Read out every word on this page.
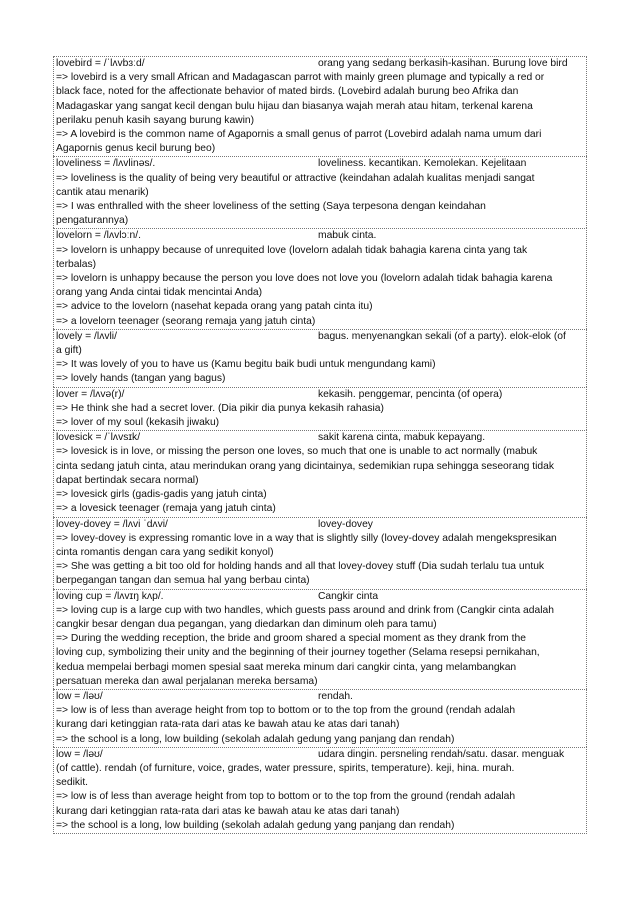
lovebird = /ˈlʌvbɜːd/	orang yang sedang berkasih-kasihan. Burung love bird
=> lovebird is a very small African and Madagascan parrot with mainly green plumage and typically a red or
black face, noted for the affectionate behavior of mated birds. (Lovebird adalah burung beo Afrika dan
Madagaskar yang sangat kecil dengan bulu hijau dan biasanya wajah merah atau hitam, terkenal karena
perilaku penuh kasih sayang burung kawin)
=> A lovebird is the common name of Agapornis a small genus of parrot (Lovebird adalah nama umum dari
Agapornis genus kecil burung beo)
loveliness = /lʌvlinəs/.	loveliness. kecantikan. Kemolekan. Kejelitaan
=> loveliness is the quality of being very beautiful or attractive (keindahan adalah kualitas menjadi sangat
cantik atau menarik)
=> I was enthralled with the sheer loveliness of the setting (Saya terpesona dengan keindahan
pengaturannya)
lovelorn = /lʌvlɔːn/.	mabuk cinta.
=> lovelorn is unhappy because of unrequited love (lovelorn adalah tidak bahagia karena cinta yang tak
terbalas)
=> lovelorn is unhappy because the person you love does not love you (lovelorn adalah tidak bahagia karena
orang yang Anda cintai tidak mencintai Anda)
=> advice to the lovelorn (nasehat kepada orang yang patah cinta itu)
=> a lovelorn teenager (seorang remaja yang jatuh cinta)
lovely = /lʌvli/	bagus. menyenangkan sekali (of a party). elok-elok (of
a gift)
=> It was lovely of you to have us (Kamu begitu baik budi untuk mengundang kami)
=> lovely hands (tangan yang bagus)
lover = /lʌvə(r)/	kekasih. penggemar, pencinta (of opera)
=> He think she had a secret lover. (Dia pikir dia punya kekasih rahasia)
=> lover of my soul (kekasih jiwaku)
lovesick = /ˈlʌvsɪk/	sakit karena cinta, mabuk kepayang.
=> lovesick is in love, or missing the person one loves, so much that one is unable to act normally (mabuk
cinta sedang jatuh cinta, atau merindukan orang yang dicintainya, sedemikian rupa sehingga seseorang tidak
dapat bertindak secara normal)
=> lovesick girls (gadis-gadis yang jatuh cinta)
=> a lovesick teenager (remaja yang jatuh cinta)
lovey-dovey = /lʌvi ˈdʌvi/	lovey-dovey
=> lovey-dovey is expressing romantic love in a way that is slightly silly (lovey-dovey adalah mengekspresikan
cinta romantis dengan cara yang sedikit konyol)
=> She was getting a bit too old for holding hands and all that lovey-dovey stuff (Dia sudah terlalu tua untuk
berpegangan tangan dan semua hal yang berbau cinta)
loving cup = /lʌvɪŋ kʌp/.	Cangkir cinta
=> loving cup is a large cup with two handles, which guests pass around and drink from (Cangkir cinta adalah
cangkir besar dengan dua pegangan, yang diedarkan dan diminum oleh para tamu)
=> During the wedding reception, the bride and groom shared a special moment as they drank from the
loving cup, symbolizing their unity and the beginning of their journey together (Selama resepsi pernikahan,
kedua mempelai berbagi momen spesial saat mereka minum dari cangkir cinta, yang melambangkan
persatuan mereka dan awal perjalanan mereka bersama)
low = /ləʊ/	rendah.
=> low is of less than average height from top to bottom or to the top from the ground (rendah adalah
kurang dari ketinggian rata-rata dari atas ke bawah atau ke atas dari tanah)
=> the school is a long, low building (sekolah adalah gedung yang panjang dan rendah)
low = /ləʊ/	udara dingin. persneling rendah/satu. dasar. menguak
(of cattle). rendah (of furniture, voice, grades, water pressure, spirits, temperature). keji, hina. murah.
sedikit.
=> low is of less than average height from top to bottom or to the top from the ground (rendah adalah
kurang dari ketinggian rata-rata dari atas ke bawah atau ke atas dari tanah)
=> the school is a long, low building (sekolah adalah gedung yang panjang dan rendah)
